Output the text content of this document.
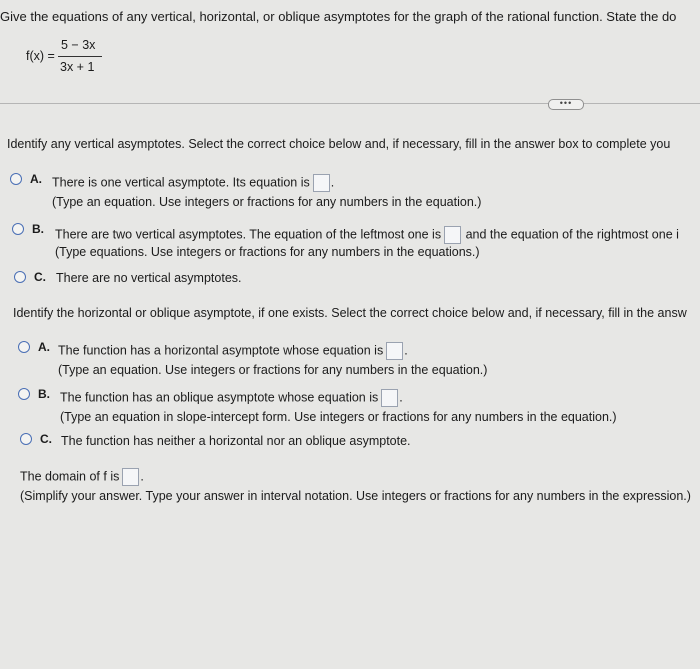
Give the equations of any vertical, horizontal, or oblique asymptotes for the graph of the rational function. State the do
f(x) =
5 − 3x
3x + 1
•••
Identify any vertical asymptotes. Select the correct choice below and, if necessary, fill in the answer box to complete you
A. There is one vertical asymptote. Its equation is .
(Type an equation. Use integers or fractions for any numbers in the equation.)
B. There are two vertical asymptotes. The equation of the leftmost one is and the equation of the rightmost one i
(Type equations. Use integers or fractions for any numbers in the equations.)
C. There are no vertical asymptotes.
Identify the horizontal or oblique asymptote, if one exists. Select the correct choice below and, if necessary, fill in the answ
A. The function has a horizontal asymptote whose equation is .
(Type an equation. Use integers or fractions for any numbers in the equation.)
B. The function has an oblique asymptote whose equation is .
(Type an equation in slope-intercept form. Use integers or fractions for any numbers in the equation.)
C. The function has neither a horizontal nor an oblique asymptote.
The domain of f is .
(Simplify your answer. Type your answer in interval notation. Use integers or fractions for any numbers in the expression.)
